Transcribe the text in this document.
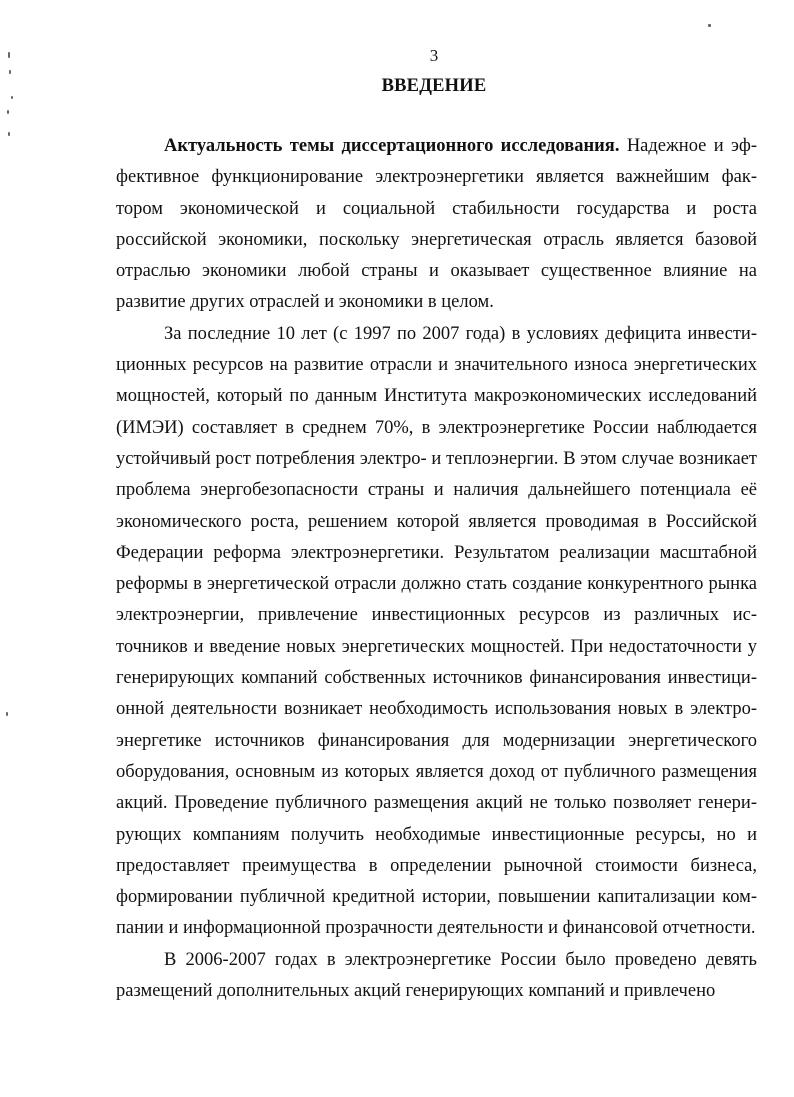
3
ВВЕДЕНИЕ

Актуальность темы диссертационного исследования. Надежное и эффективное функционирование электроэнергетики является важнейшим фактором экономической и социальной стабильности государства и роста российской экономики, поскольку энергетическая отрасль является базовой отраслью экономики любой страны и оказывает существенное влияние на развитие других отраслей и экономики в целом.

За последние 10 лет (с 1997 по 2007 года) в условиях дефицита инвестиционных ресурсов на развитие отрасли и значительного износа энергетических мощностей, который по данным Института макроэкономических исследований (ИМЭИ) составляет в среднем 70%, в электроэнергетике России наблюдается устойчивый рост потребления электро- и теплоэнергии. В этом случае возникает проблема энергобезопасности страны и наличия дальнейшего потенциала её экономического роста, решением которой является проводимая в Российской Федерации реформа электроэнергетики. Результатом реализации масштабной реформы в энергетической отрасли должно стать создание конкурентного рынка электроэнергии, привлечение инвестиционных ресурсов из различных источников и введение новых энергетических мощностей. При недостаточности у генерирующих компаний собственных источников финансирования инвестиционной деятельности возникает необходимость использования новых в электроэнергетике источников финансирования для модернизации энергетического оборудования, основным из которых является доход от публичного размещения акций. Проведение публичного размещения акций не только позволяет генерирующих компаниям получить необходимые инвестиционные ресурсы, но и предоставляет преимущества в определении рыночной стоимости бизнеса, формировании публичной кредитной истории, повышении капитализации компании и информационной прозрачности деятельности и финансовой отчетности.

В 2006-2007 годах в электроэнергетике России было проведено девять размещений дополнительных акций генерирующих компаний и привлечено
